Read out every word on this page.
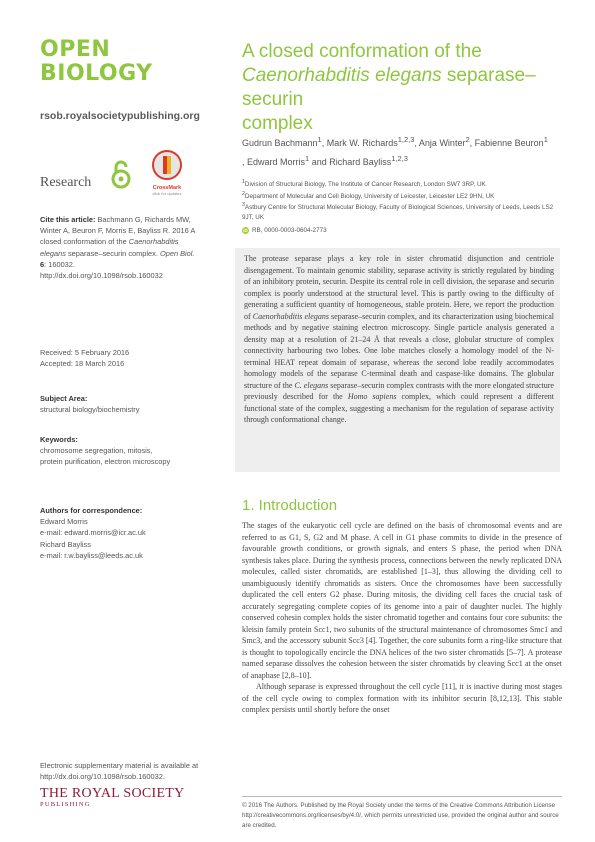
OPEN
BIOLOGY
rsob.royalsocietypublishing.org
Research	CrossMark
click for updates
Cite this article: Bachmann G, Richards MW, Winter A, Beuron F, Morris E, Bayliss R. 2016 A closed conformation of the Caenorhabditis elegans separase–securin complex. Open Biol. 6: 160032.
http://dx.doi.org/10.1098/rsob.160032
Received: 5 February 2016
Accepted: 18 March 2016
Subject Area:
structural biology/biochemistry
Keywords:
chromosome segregation, mitosis,
protein purification, electron microscopy
Authors for correspondence:
Edward Morris
e-mail: edward.morris@icr.ac.uk
Richard Bayliss
e-mail: r.w.bayliss@leeds.ac.uk
Electronic supplementary material is available at http://dx.doi.org/10.1098/rsob.160032.
THE ROYAL SOCIETY
PUBLISHING
A closed conformation of the
Caenorhabditis elegans separase–securin
complex
Gudrun Bachmann$^1$, Mark W. Richards$^{1,2,3}$, Anja Winter$^2$, Fabienne Beuron$^1$
, Edward Morris$^1$ and Richard Bayliss$^{1,2,3}$
$^1$Division of Structural Biology, The Institute of Cancer Research, London SW7 3RP, UK
$^2$Department of Molecular and Cell Biology, University of Leicester, Leicester LE2 9HN, UK
$^3$Astbury Centre for Structural Molecular Biology, Faculty of Biological Sciences, University of Leeds, Leeds LS2 9JT, UK
iD RB, 0000-0003-0604-2773
The protease separase plays a key role in sister chromatid disjunction and centriole disengagement. To maintain genomic stability, separase activity is strictly regulated by binding of an inhibitory protein, securin. Despite its central role in cell division, the separase and securin complex is poorly understood at the structural level. This is partly owing to the difficulty of generating a sufficient quantity of homogeneous, stable protein. Here, we report the production of Caenorhabditis elegans separase–securin complex, and its characterization using biochemical methods and by negative staining electron microscopy. Single particle analysis generated a density map at a resolution of 21–24 Å that reveals a close, globular structure of complex connectivity harbouring two lobes. One lobe matches closely a homology model of the N-terminal HEAT repeat domain of separase, whereas the second lobe readily accommodates homology models of the separase C-terminal death and caspase-like domains. The globular structure of the C. elegans separase–securin complex contrasts with the more elongated structure previously described for the Homo sapiens complex, which could represent a different functional state of the complex, suggesting a mechanism for the regulation of separase activity through conformational change.
1. Introduction

The stages of the eukaryotic cell cycle are defined on the basis of chromosomal events and are referred to as G1, S, G2 and M phase. A cell in G1 phase commits to divide in the presence of favourable growth conditions, or growth signals, and enters S phase, the period when DNA synthesis takes place. During the synthesis process, connections between the newly replicated DNA molecules, called sister chromatids, are established [1–3], thus allowing the dividing cell to unambiguously identify chromatids as sisters. Once the chromosomes have been successfully duplicated the cell enters G2 phase. During mitosis, the dividing cell faces the crucial task of accurately segregating complete copies of its genome into a pair of daughter nuclei. The highly conserved cohesin complex holds the sister chromatid together and contains four core subunits: the kleisin family protein Scc1, two subunits of the structural maintenance of chromosomes Smc1 and Smc3, and the accessory subunit Scc3 [4]. Together, the core subunits form a ring-like structure that is thought to topologically encircle the DNA helices of the two sister chromatids [5–7]. A protease named separase dissolves the cohesion between the sister chromatids by cleaving Scc1 at the onset of anaphase [2,8–10].

Although separase is expressed throughout the cell cycle [11], it is inactive during most stages of the cell cycle owing to complex formation with its inhibitor securin [8,12,13]. This stable complex persists until shortly before the onset

© 2016 The Authors. Published by the Royal Society under the terms of the Creative Commons Attribution License http://creativecommons.org/licenses/by/4.0/, which permits unrestricted use, provided the original author and source are credited.
